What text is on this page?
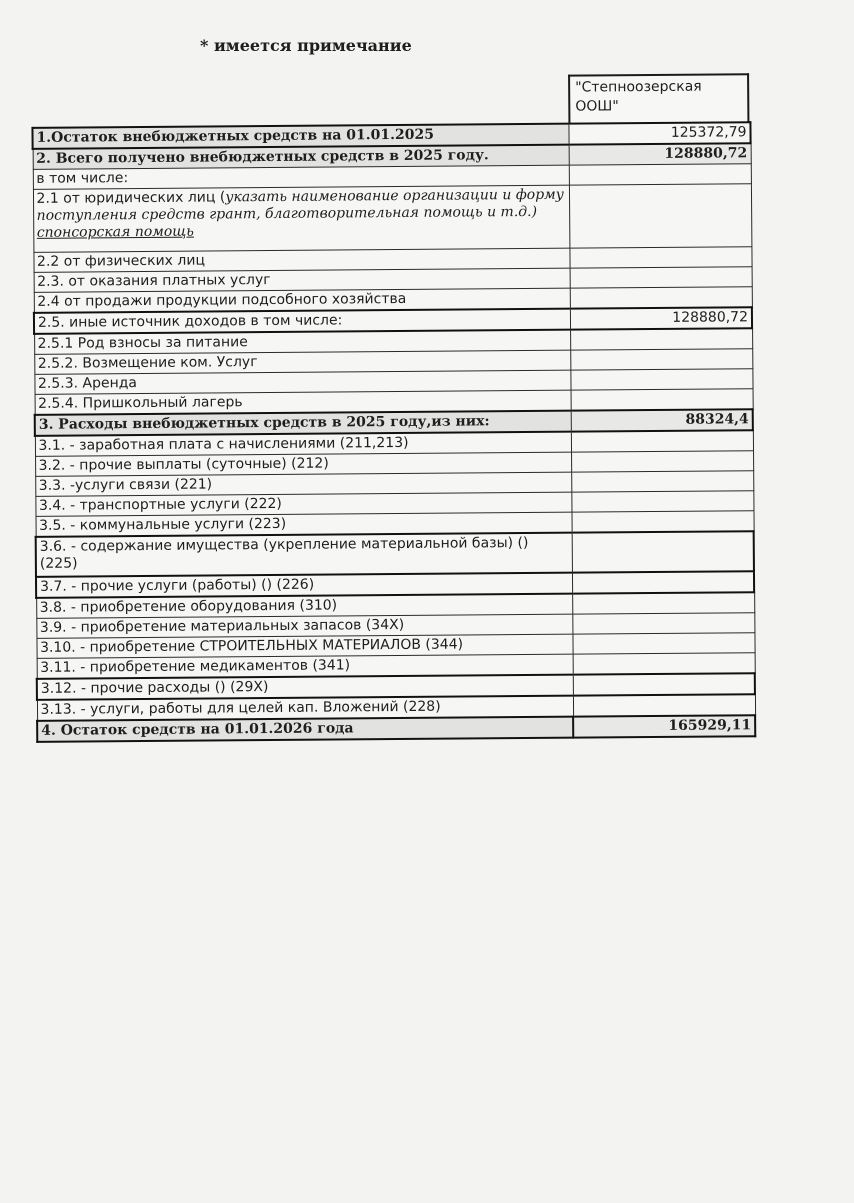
* имеется примечание
"Степноозерская ООШ"
1.Остаток внебюджетных средств на 01.01.2025	125372,79
2. Всего получено внебюджетных средств в 2025 году.	128880,72
в том числе:	
2.1 от юридических лиц (указать наименование организации и форму поступления средств грант, благотворительная помощь и т.д.) спонсорская помощь	
2.2 от физических лиц	
2.3. от оказания платных услуг	
2.4 от продажи продукции подсобного хозяйства	
2.5. иные источник доходов в том числе:	128880,72
2.5.1 Род взносы за питание	
2.5.2. Возмещение ком. Услуг	
2.5.3. Аренда	
2.5.4. Пришкольный лагерь	
3. Расходы внебюджетных средств в 2025 году,из них:	88324,4
3.1. - заработная плата с начислениями (211,213)	
3.2. - прочие выплаты (суточные) (212)	
3.3. -услуги связи (221)	
3.4. - транспортные услуги (222)	
3.5. - коммунальные услуги (223)	
3.6. - содержание имущества (укрепление материальной базы) () (225)	
3.7. - прочие услуги (работы) () (226)	
3.8. - приобретение оборудования (310)	
3.9. - приобретение материальных запасов (34Х)	
3.10. - приобретение СТРОИТЕЛЬНЫХ МАТЕРИАЛОВ (344)	
3.11. - приобретение медикаментов (341)	
3.12. - прочие расходы () (29Х)	
3.13. - услуги, работы для целей кап. Вложений (228)	
4. Остаток средств на 01.01.2026 года	165929,11
